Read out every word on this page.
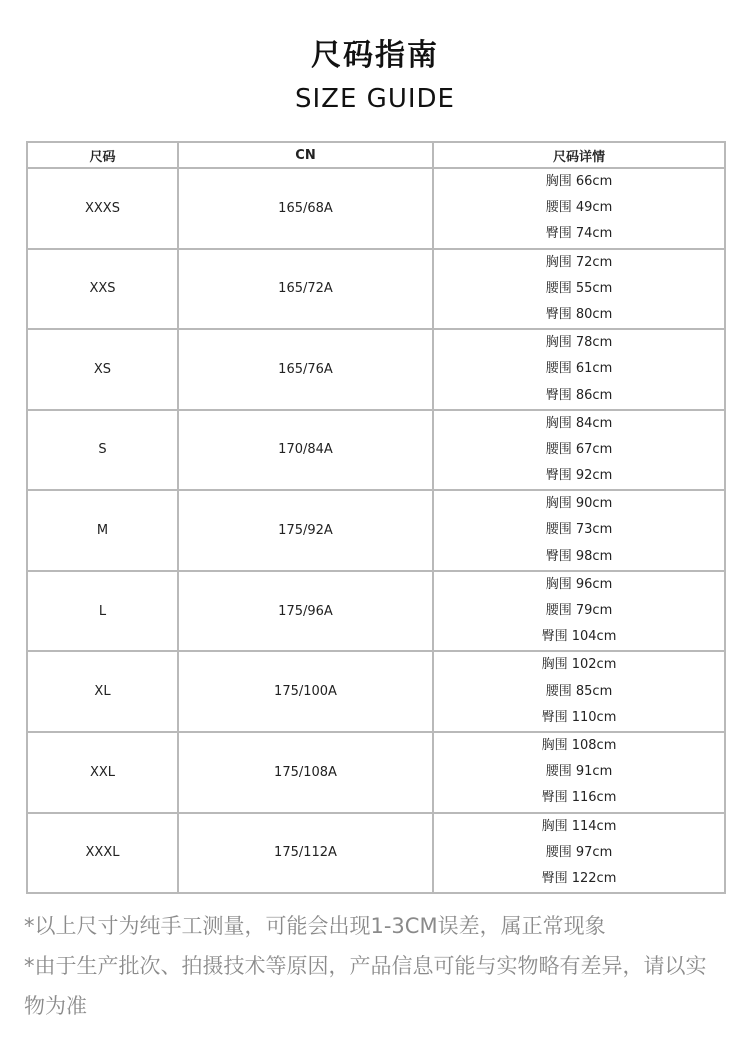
尺码指南
SIZE GUIDE
尺码	CN	尺码详情
XXXS	165/68A	胸围 66cm
腰围 49cm
臀围 74cm

XXS	165/72A	胸围 72cm
腰围 55cm
臀围 80cm

XS	165/76A	胸围 78cm
腰围 61cm
臀围 86cm

S	170/84A	胸围 84cm
腰围 67cm
臀围 92cm

M	175/92A	胸围 90cm
腰围 73cm
臀围 98cm

L	175/96A	胸围 96cm
腰围 79cm
臀围 104cm

XL	175/100A	胸围 102cm
腰围 85cm
臀围 110cm

XXL	175/108A	胸围 108cm
腰围 91cm
臀围 116cm

XXXL	175/112A	胸围 114cm
腰围 97cm
臀围 122cm

*以上尺寸为纯手工测量，可能会出现1-3CM误差，属正常现象

*由于生产批次、拍摄技术等原因，产品信息可能与实物略有差异，请以实物为准
